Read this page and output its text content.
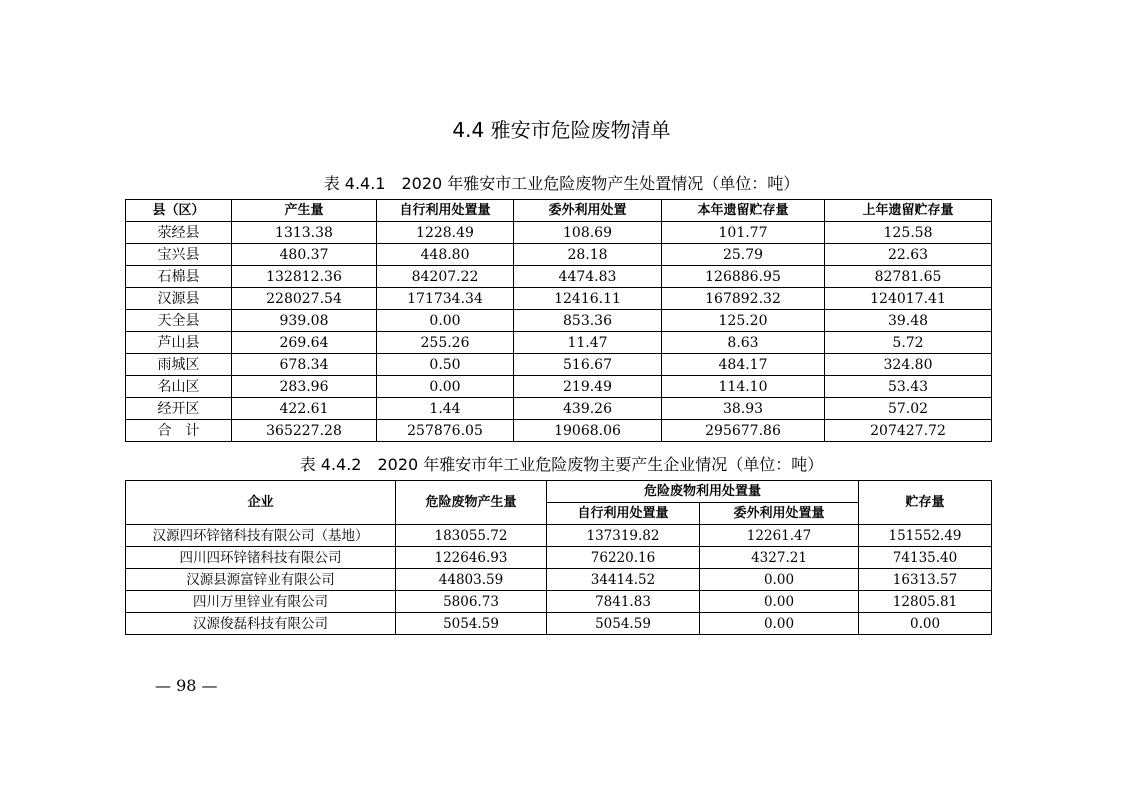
4.4 雅安市危险废物清单
表 4.4.1　2020 年雅安市工业危险废物产生处置情况（单位：吨）
县（区）	产生量	自行利用处置量	委外利用处置	本年遗留贮存量	上年遗留贮存量
荥经县	1313.38	1228.49	108.69	101.77	125.58
宝兴县	480.37	448.80	28.18	25.79	22.63
石棉县	132812.36	84207.22	4474.83	126886.95	82781.65
汉源县	228027.54	171734.34	12416.11	167892.32	124017.41
天全县	939.08	0.00	853.36	125.20	39.48
芦山县	269.64	255.26	11.47	8.63	5.72
雨城区	678.34	0.50	516.67	484.17	324.80
名山区	283.96	0.00	219.49	114.10	53.43
经开区	422.61	1.44	439.26	38.93	57.02
合　计	365227.28	257876.05	19068.06	295677.86	207427.72
表 4.4.2　2020 年雅安市年工业危险废物主要产生企业情况（单位：吨）
企业	危险废物产生量	危险废物利用处置量		贮存量
		自行利用处置量	委外利用处置量	
汉源四环锌锗科技有限公司（基地）	183055.72	137319.82	12261.47	151552.49
四川四环锌锗科技有限公司	122646.93	76220.16	4327.21	74135.40
汉源县源富锌业有限公司	44803.59	34414.52	0.00	16313.57
四川万里锌业有限公司	5806.73	7841.83	0.00	12805.81
汉源俊磊科技有限公司	5054.59	5054.59	0.00	0.00
— 98 —
